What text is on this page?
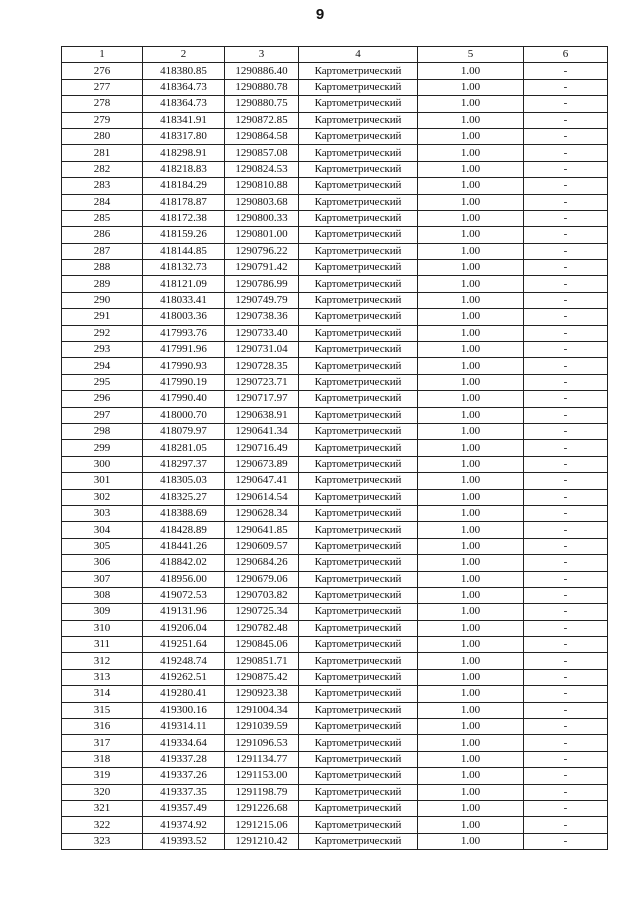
9
1	2	3	4	5	6
276	418380.85	1290886.40	Картометрический	1.00	-
277	418364.73	1290880.78	Картометрический	1.00	-
278	418364.73	1290880.75	Картометрический	1.00	-
279	418341.91	1290872.85	Картометрический	1.00	-
280	418317.80	1290864.58	Картометрический	1.00	-
281	418298.91	1290857.08	Картометрический	1.00	-
282	418218.83	1290824.53	Картометрический	1.00	-
283	418184.29	1290810.88	Картометрический	1.00	-
284	418178.87	1290803.68	Картометрический	1.00	-
285	418172.38	1290800.33	Картометрический	1.00	-
286	418159.26	1290801.00	Картометрический	1.00	-
287	418144.85	1290796.22	Картометрический	1.00	-
288	418132.73	1290791.42	Картометрический	1.00	-
289	418121.09	1290786.99	Картометрический	1.00	-
290	418033.41	1290749.79	Картометрический	1.00	-
291	418003.36	1290738.36	Картометрический	1.00	-
292	417993.76	1290733.40	Картометрический	1.00	-
293	417991.96	1290731.04	Картометрический	1.00	-
294	417990.93	1290728.35	Картометрический	1.00	-
295	417990.19	1290723.71	Картометрический	1.00	-
296	417990.40	1290717.97	Картометрический	1.00	-
297	418000.70	1290638.91	Картометрический	1.00	-
298	418079.97	1290641.34	Картометрический	1.00	-
299	418281.05	1290716.49	Картометрический	1.00	-
300	418297.37	1290673.89	Картометрический	1.00	-
301	418305.03	1290647.41	Картометрический	1.00	-
302	418325.27	1290614.54	Картометрический	1.00	-
303	418388.69	1290628.34	Картометрический	1.00	-
304	418428.89	1290641.85	Картометрический	1.00	-
305	418441.26	1290609.57	Картометрический	1.00	-
306	418842.02	1290684.26	Картометрический	1.00	-
307	418956.00	1290679.06	Картометрический	1.00	-
308	419072.53	1290703.82	Картометрический	1.00	-
309	419131.96	1290725.34	Картометрический	1.00	-
310	419206.04	1290782.48	Картометрический	1.00	-
311	419251.64	1290845.06	Картометрический	1.00	-
312	419248.74	1290851.71	Картометрический	1.00	-
313	419262.51	1290875.42	Картометрический	1.00	-
314	419280.41	1290923.38	Картометрический	1.00	-
315	419300.16	1291004.34	Картометрический	1.00	-
316	419314.11	1291039.59	Картометрический	1.00	-
317	419334.64	1291096.53	Картометрический	1.00	-
318	419337.28	1291134.77	Картометрический	1.00	-
319	419337.26	1291153.00	Картометрический	1.00	-
320	419337.35	1291198.79	Картометрический	1.00	-
321	419357.49	1291226.68	Картометрический	1.00	-
322	419374.92	1291215.06	Картометрический	1.00	-
323	419393.52	1291210.42	Картометрический	1.00	-
